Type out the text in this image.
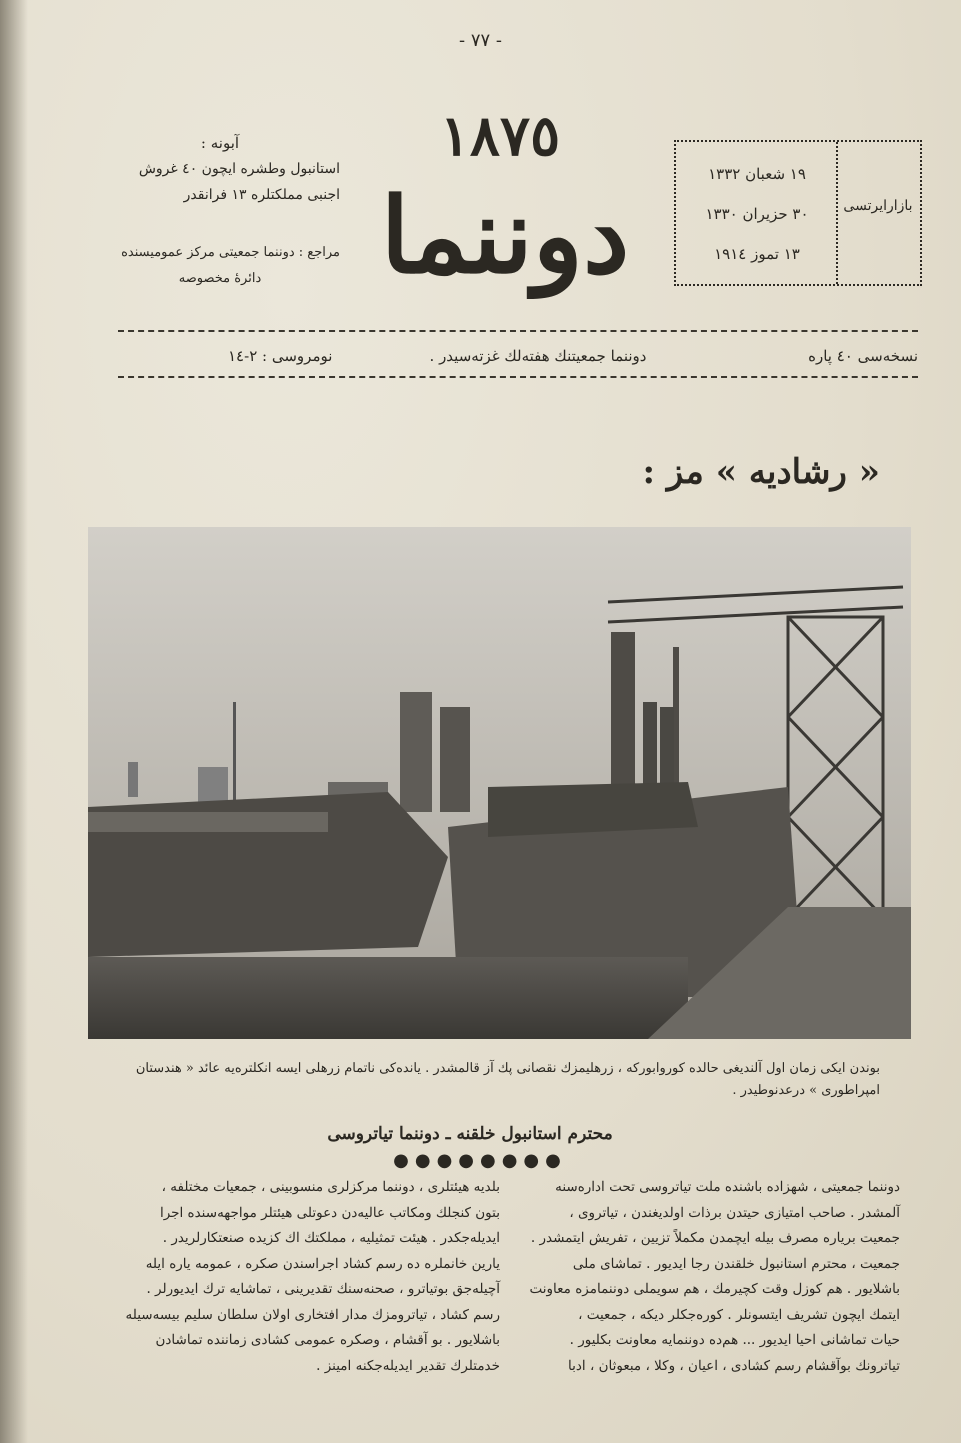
- ٧٧ -
آبونه :
استانبول وطشره ايچون ٤٠ غروش
اجنبی مملکتلره ١٣ فرانقدر
مراجع : دوننما جمعیتی مرکز عمومیسنده
دائرۀ مخصوصه
١٨٧٥
دوننما	١٩ شعبان ١٣٣٢
٣٠ حزیران ١٣٣٠
١٣ تموز ١٩١٤
بازارایرتسی
نسخه‌سی ٤٠ پاره
دوننما جمعیتنك هفته‌لك غزته‌سیدر .
نومروسی : ٢-١٤
« رشادیه » مز :
بوندن ایکی زمان اول آلندیغی حالده کوروابورکه ، زرهلیمزك نقصانی پك آز قالمشدر . یانده‌کی ناتمام زرهلی ایسه انکلتره‌یه عائد « هندستان
امپراطوری » درعدنوطیدر .
محترم استانبول خلقنه ـ دوننما تیاتروسی
●●●●●●●●
دوننما جمعیتی ، شهزاده باشنده ملت تیاتروسی تحت اداره‌سنه
آلمشدر . صاحب امتیازی حیتدن برذات اولدیغندن ، تیاتروی ،
جمعیت بریاره مصرف بیله ایچمدن مکملاً تزیین ، تفریش ایتمشدر .
جمعیت ، محترم استانبول خلقندن رجا ایدیور . تماشای ملی
باشلایور . هم کوزل وقت کچیرمك ، هم سویملی دوننمامزه معاونت
ایتمك ایچون تشریف ایتسونلر . کوره‌جکلر دیکه ، جمعیت ،
حیات تماشانی احیا ایدیور ... هم‌ده دوننمایه معاونت بکلیور .
تیاترونك بوآقشام رسم کشادی ، اعیان ، وکلا ، مبعوثان ، ادبا
بلدیه هیئتلری ، دوننما مرکزلری منسوبینی ، جمعیات مختلفه ،
بتون کنجلك ومکاتب عالیه‌دن دعوتلی هیئتلر مواجهه‌سنده اجرا
ایدیله‌جکدر . هیئت تمثیلیه ، مملکتك اك کزیده صنعتکارلریدر .
یارین خانملره ده رسم کشاد اجراسندن صکره ، عمومه یاره ایله
آچیله‌جق بوتیاترو ، صحنه‌سنك تقدیرینی ، تماشایه ترك ایدیورلر .
رسم کشاد ، تیاترومزك مدار افتخاری اولان سلطان سلیم بیسه‌سیله
باشلایور . بو آقشام ، وصکره عمومی کشادی زماننده تماشادن
خدمتلرك تقدیر ایدیله‌جکنه امینز .
